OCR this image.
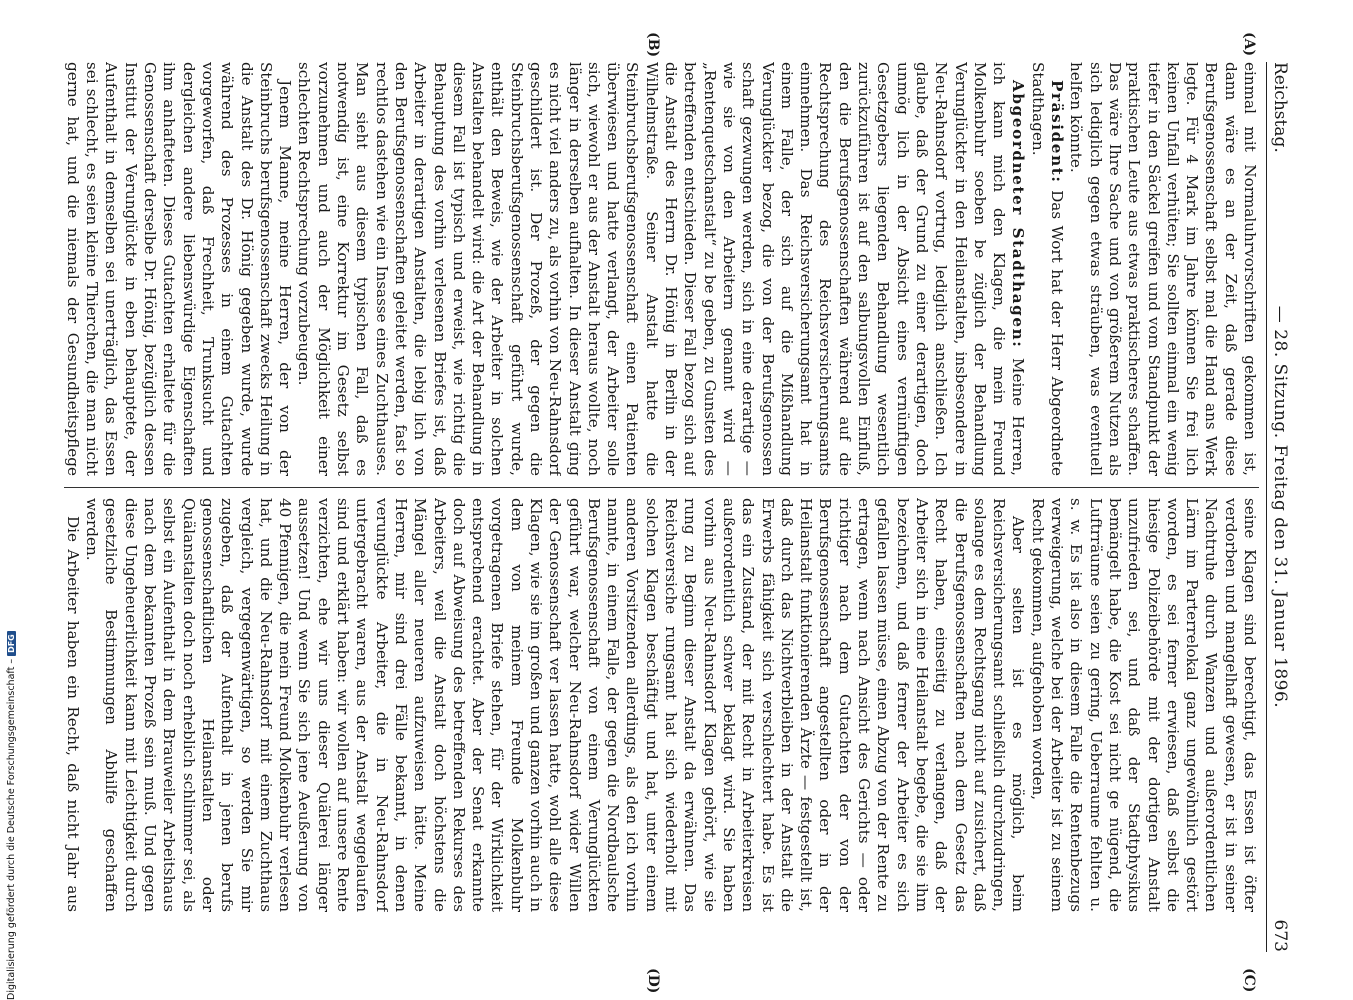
Reichstag.
— 28. Sitzung. Freitag den 31. Januar 1896.
673
(A)
(B)
(C)
(D)

einmal mit Normaluhrvorschriften gekommen ist, dann wäre es an der Zeit, daß gerade diese Berufsgenossenschaft selbst mal die Hand ans Werk legte. Für 4 Mark im Jahre können Sie frei lich keinen Unfall verhüten; Sie sollten einmal ein wenig tiefer in den Säckel greifen und vom Standpunkt der praktischen Leute aus etwas praktischeres schaffen. Das wäre Ihre Sache und von größerem Nutzen als sich lediglich gegen etwas sträuben, was eventuell helfen könnte.

Präsident: Das Wort hat der Herr Abgeordnete Stadthagen.

Abgeordneter Stadthagen: Meine Herren, ich kann mich den Klagen, die mein Freund Molkenbuhr soeben be züglich der Behandlung Verunglückter in den Heilanstalten, insbesondere in Neu-Rahnsdorf vortrug, lediglich anschließen. Ich glaube, daß der Grund zu einer derartigen, doch unmög lich in der Absicht eines vernünftigen Gesetzgebers liegenden Behandlung wesentlich zurückzuführen ist auf den salbungsvollen Einfluß, den die Berufsgenossenschaften während auf die Rechtsprechung des Reichsversicherungsamts einnehmen. Das Reichsversicherungsamt hat in einem Falle, der sich auf die Mißhandlung Verunglückter bezog, die von der Berufsgenossen schaft gezwungen werden, sich in eine derartige — wie sie von den Arbeitern genannt wird — „Rentenquetschanstalt“ zu be geben, zu Gunsten des betreffenden entschieden. Dieser Fall bezog sich auf die Anstalt des Herrn Dr. Hönig in Berlin in der Wilhelmstraße. Seiner Anstalt hatte die Steinbruchsberufsgenossenschaft einen Patienten überwiesen und hatte verlangt, der Arbeiter solle sich, wiewohl er aus der Anstalt heraus wollte, noch länger in derselben aufhalten. In dieser Anstalt ging es nicht viel anders zu, als vorhin von Neu-Rahnsdorf geschildert ist. Der Prozeß, der gegen die Steinbruchsberufsgenossenschaft geführt wurde, enthält den Beweis, wie der Arbeiter in solchen Anstalten behandelt wird: die Art der Behandlung in diesem Fall ist typisch und erweist, wie richtig die Behauptung des vorhin verlesenen Briefes ist, daß Arbeiter in derartigen Anstalten, die lebig lich von den Berufsgenossenschaften geleitet werden, fast so rechtlos dastehen wie ein Insasse eines Zuchthauses. Man sieht aus diesem typischen Fall, daß es notwendig ist, eine Korrektur im Gesetz selbst vorzunehmen und auch der Möglichkeit einer schlechten Rechtsprechung vorzubeugen.

Jenem Manne, meine Herren, der von der Steinbruchs berufsgenossenschaft zwecks Heilung in die Anstalt des Dr. Hönig gegeben wurde, wurde während des Prozesses in einem Gutachten vorgeworfen, daß Frechheit, Trunksucht und dergleichen andere liebenswürdige Eigenschaften ihm anhafteten. Dieses Gutachten erhaltete für die Genossenschaft derselbe Dr. Hönig, bezüglich dessen Institut der Verunglückte in eben behauptete, der Aufenthalt in demselben sei unerträglich, das Essen sei schlecht, es seien kleine Thierchen, die man nicht gerne hat, und die niemals der Gesundheitspflege

seine Klagen sind berechtigt, das Essen ist öfter verdorben und mangelhaft gewesen, er ist in seiner Nachtruhe durch Wanzen und außerordentlichen Lärm im Parterrelokal ganz ungewöhnlich gestört worden, es sei ferner erwiesen, daß selbst die hiesige Polizeibehörde mit der dortigen Anstalt unzufrieden sei, und daß der Stadtphysikus bemängelt habe, die Kost sei nicht ge nügend, die Luftrräume seien zu gering, Ueberraume fehlten u. s. w. Es ist also in diesem Falle die Rentenbezugs verweigerung, welche bei der Arbeiter ist zu seinem Recht gekommen, aufgehoben worden,

Aber selten ist es möglich, beim Reichsversicherungsamt schließlich durchzudringen, solange es dem Rechtsgang nicht auf zusichert, daß die Berufsgenossenschaften nach dem Gesetz das Recht haben, einseitig zu verlangen, daß der Arbeiter sich in eine Heilanstalt begebe, die sie ihm bezeichnen, und daß ferner der Arbeiter es sich gefallen lassen müsse, einen Abzug von der Rente zu ertragen, wenn nach Ansicht des Gerichts — oder richtiger nach dem Gutachten der von der Berufsgenossenschaft angestellten oder in der Heilanstalt funktionierenden Ärzte — festgestellt ist, daß durch das Nichtverbleiben in der Anstalt die Erwerbs fähigkeit sich verschlechtert habe. Es ist das ein Zustand, der mit Recht in Arbeiterkreisen außerordentlich schwer beklagt wird. Sie haben vorhin aus Neu-Rahnsdorf Klagen gehört, wie sie rung zu Beginn dieser Anstalt da erwähnen. Das Reichsversiche rungsamt hat sich wiederholt mit solchen Klagen beschäftigt und hat, unter einem anderen Vorsitzenden allerdings, als den ich vorhin nannte, in einem Falle, der gegen die Nordbaulsche Berufsgenossenschaft von einem Verunglückten geführt war, welcher Neu-Rahnsdorf wider Willen der Genossenschaft ver lassen hatte, wohl alle diese Klagen, wie sie im großen und ganzen vorhin auch in dem von meinem Freunde Molkenbuhr vorgetragenen Briefe stehen, für der Wirklichkeit entsprechend erachtet. Aber der Senat erkannte doch auf Abweisung des betreffenden Rekurses des Arbeiters, weil die Anstalt doch höchstens die Mängel aller neueren aufzuweisen hätte. Meine Herren, mir sind drei Fälle bekannt, in denen verunglückte Arbeiter, die in Neu-Rahnsdorf untergebracht waren, aus der Anstalt weggelaufen sind und erklärt haben: wir wollen auf unsere Rente verzichten, ehe wir uns dieser Quälerei länger aussetzen! Und wenn Sie sich jene Aeußerung von 40 Pfennigen, die mein Freund Molkenbuhr verlesen hat, und die Neu-Rahnsdorf mit einem Zuchthaus vergleich, vergegenwärtigen, so werden Sie mir zugeben, daß der Aufenthalt in jenen berufs genossenschaftlichen Heilanstalten oder Quälanstalten doch noch erheblich schlimmer sei, als selbst ein Aufenthalt in dem Brauweiler Arbeitshaus nach dem bekannten Prozeß sein muß. Und gegen diese Ungeheuerlichkeit kann mit Leichtigkeit durch gesetzliche Bestimmungen Abhilfe geschaffen werden.

Die Arbeiter haben ein Recht, daß nicht Jahr aus

Digitalisierung gefördert durch die Deutsche Forschungsgemeinschaft –DFG
